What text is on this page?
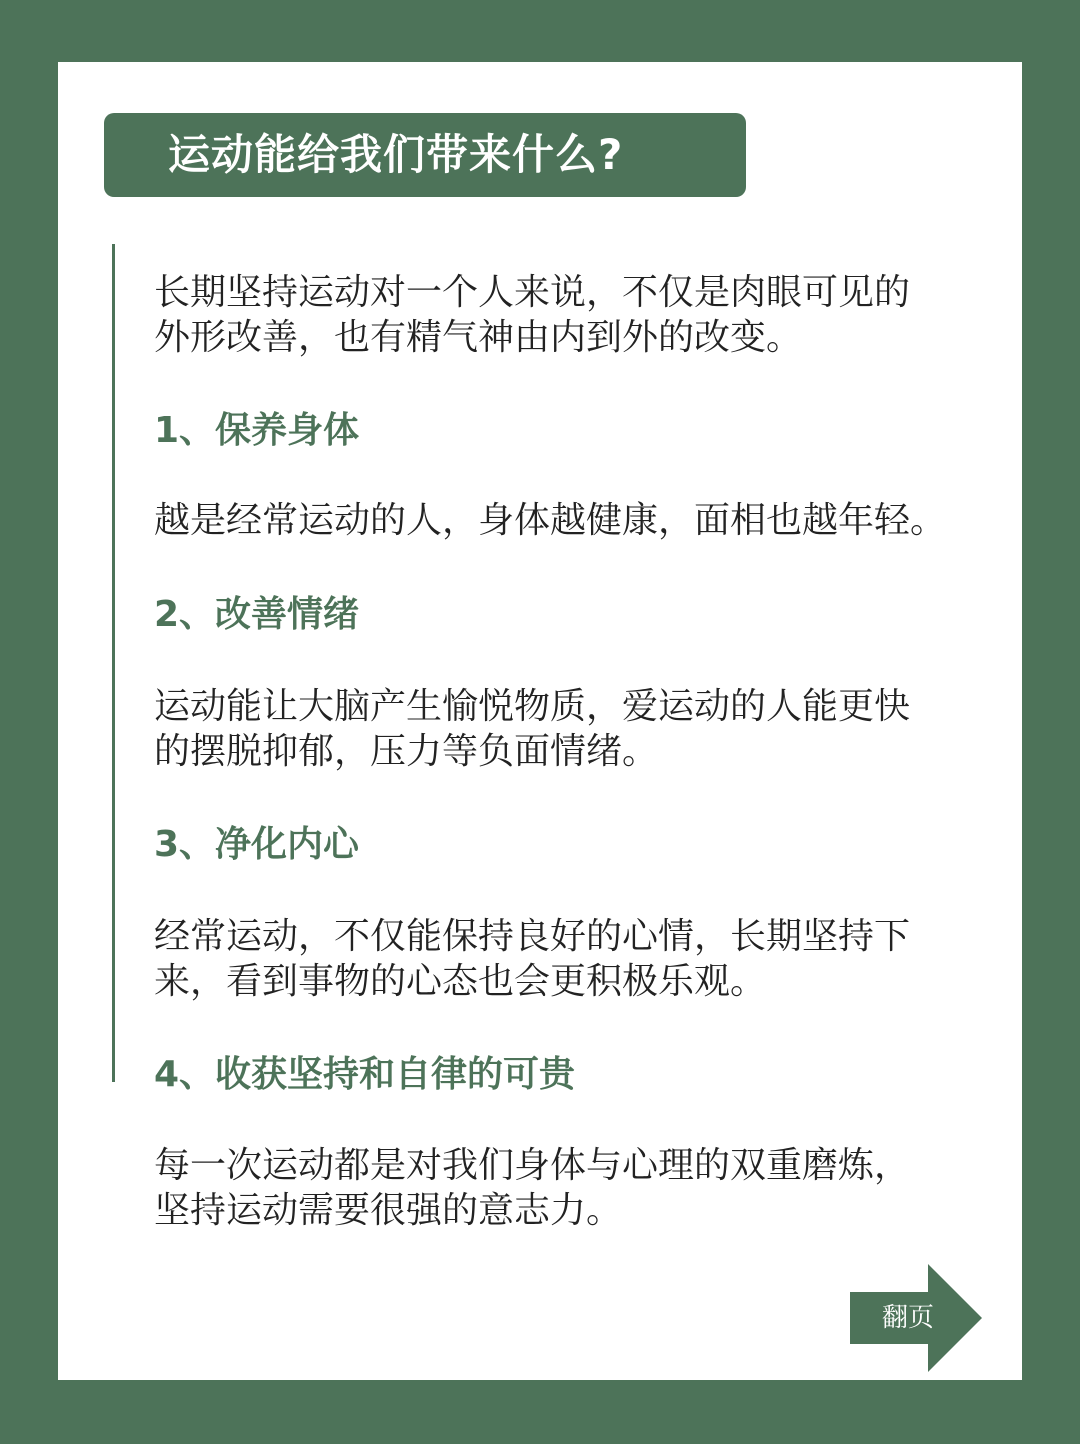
运动能给我们带来什么?
长期坚持运动对一个人来说，不仅是肉眼可见的
外形改善，也有精气神由内到外的改变。
1、保养身体
越是经常运动的人，身体越健康，面相也越年轻。
2、改善情绪
运动能让大脑产生愉悦物质，爱运动的人能更快
的摆脱抑郁，压力等负面情绪。
3、净化内心
经常运动，不仅能保持良好的心情，长期坚持下
来，看到事物的心态也会更积极乐观。
4、收获坚持和自律的可贵
每一次运动都是对我们身体与心理的双重磨炼，
坚持运动需要很强的意志力。
翻页
